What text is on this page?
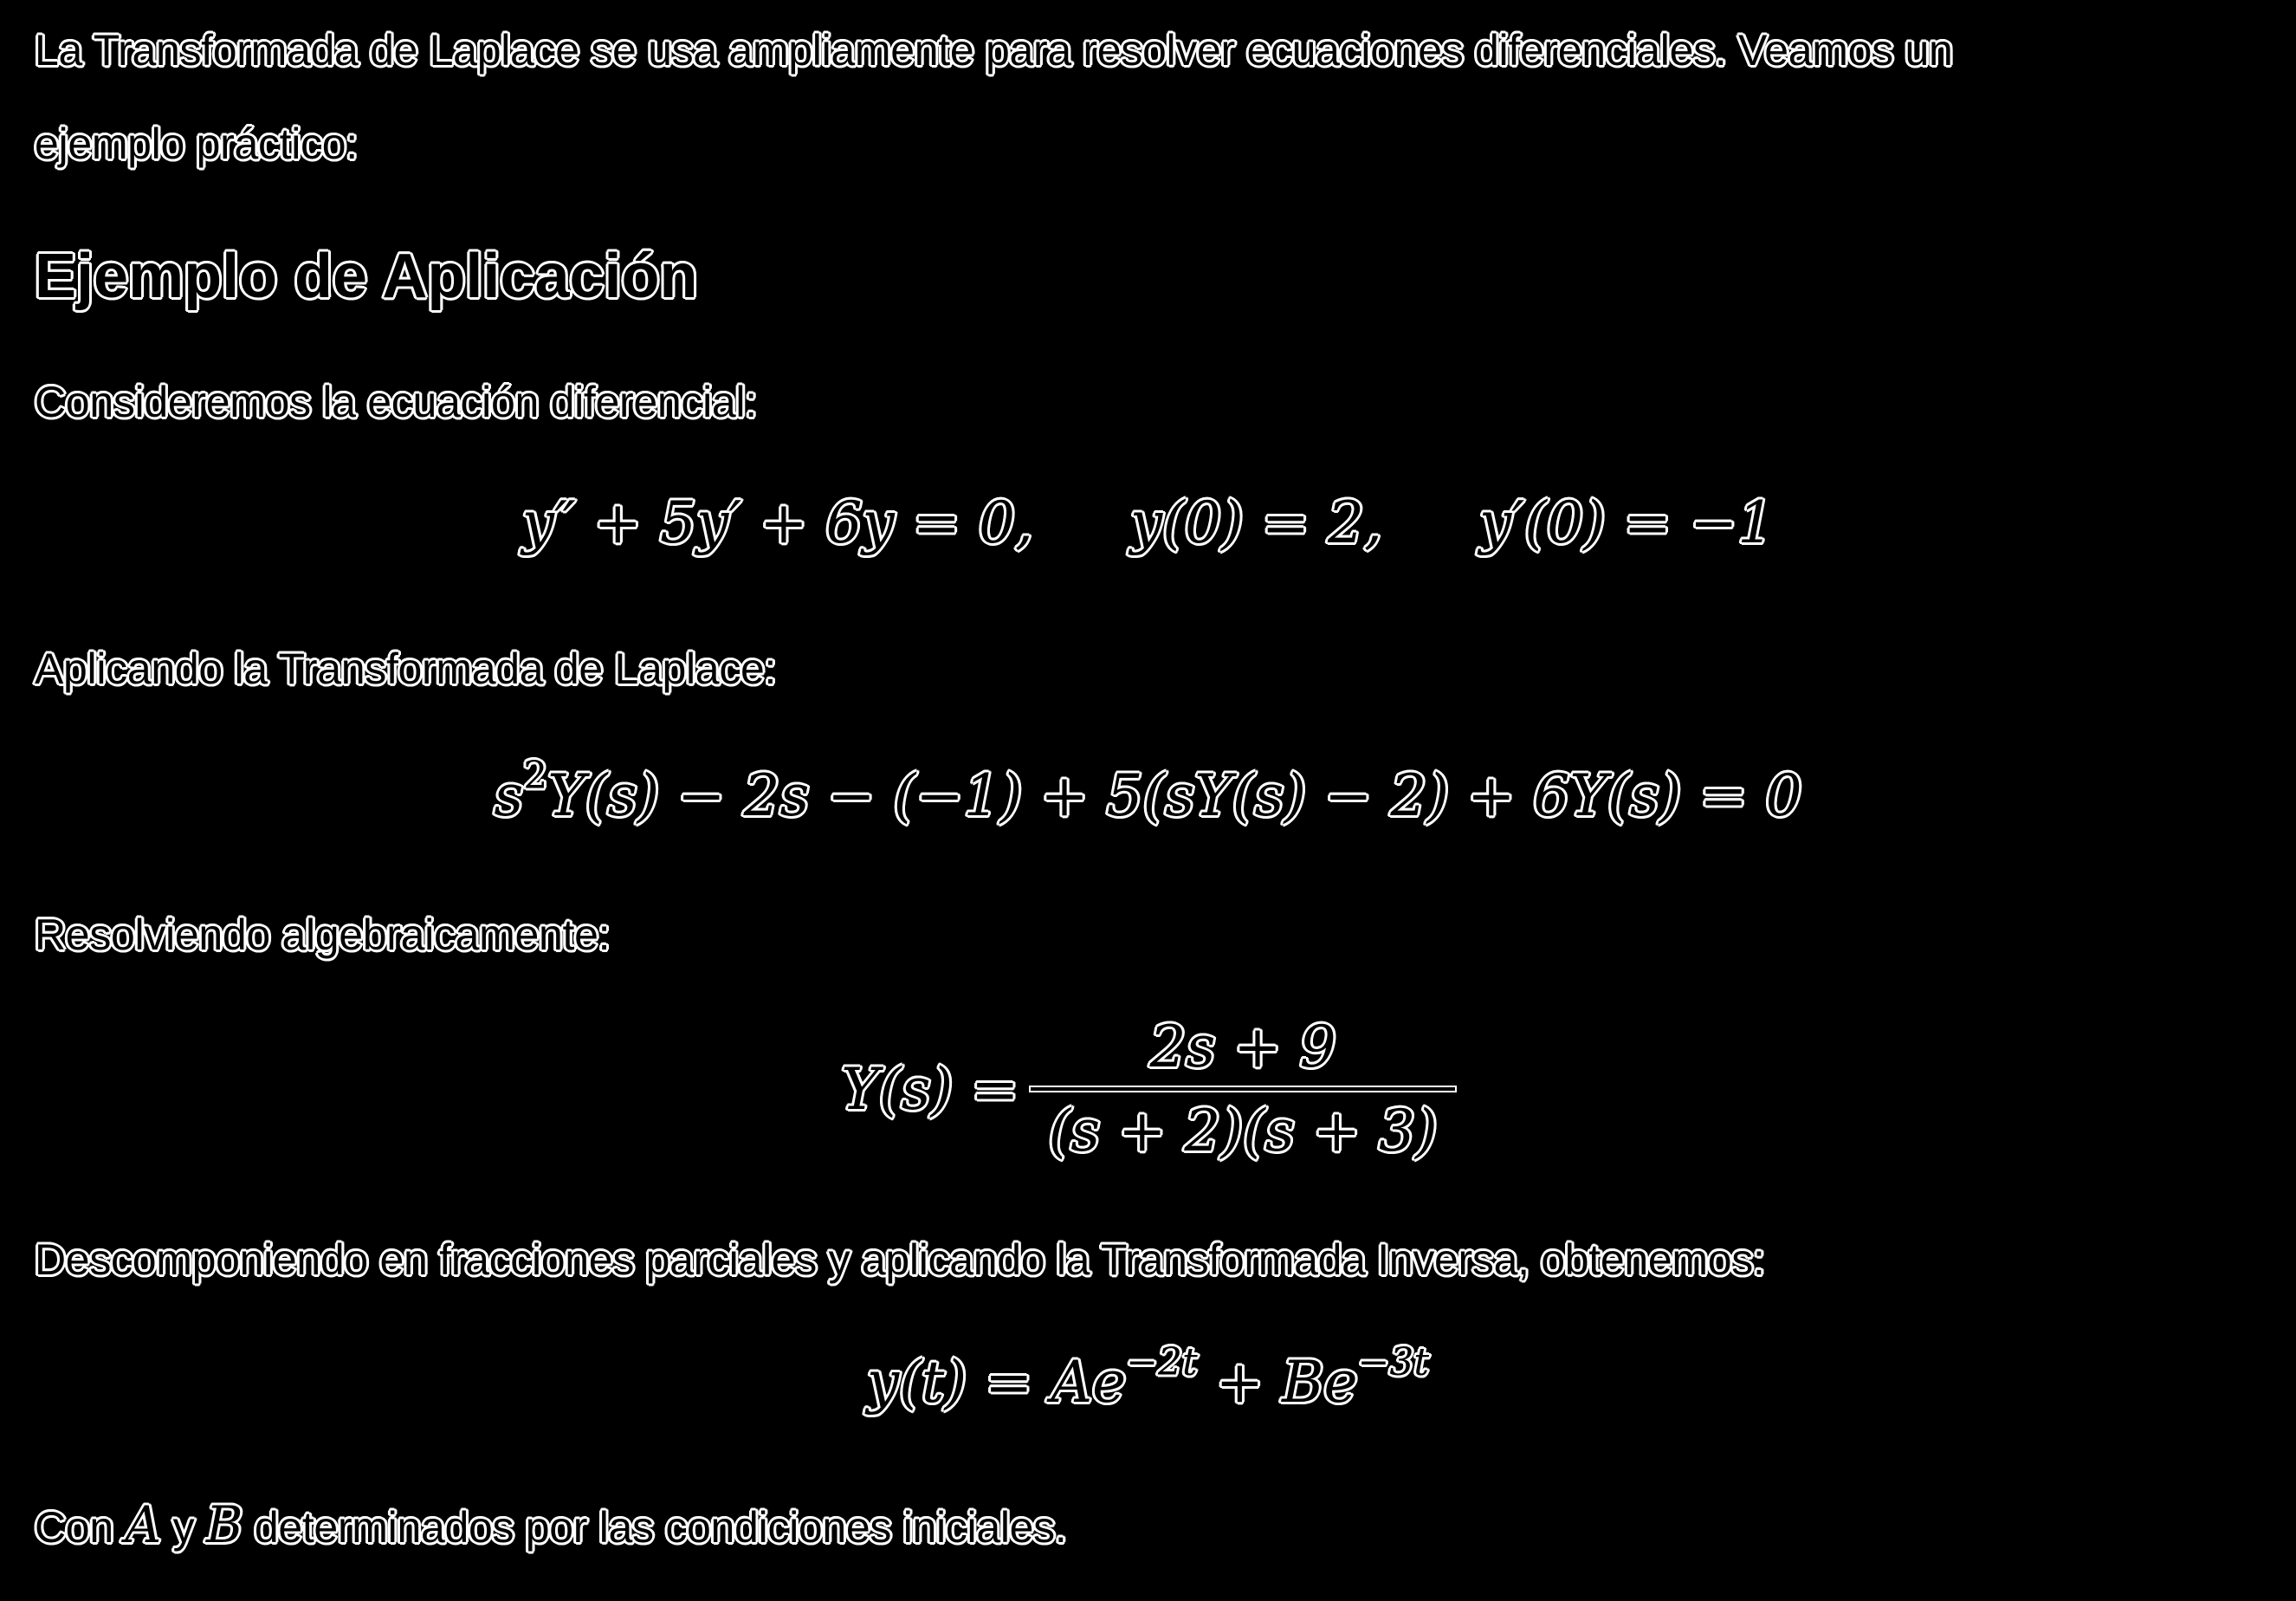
La Transformada de Laplace se usa ampliamente para resolver ecuaciones diferenciales. Veamos un
ejemplo práctico:
Ejemplo de Aplicación
Consideremos la ecuación diferencial:
y″ + 5y′ + 6y = 0, y(0) = 2, y′(0) = −1
Aplicando la Transformada de Laplace:
$s^2Y(s) - 2s - (-1) + 5(sY(s) - 2) + 6Y(s) = 0$
Resolviendo algebraicamente:
$Y(s) = \frac{2s + 9}{(s + 2)(s + 3)}$
Descomponiendo en fracciones parciales y aplicando la Transformada Inversa, obtenemos:
$y(t) = Ae^{-2t} + Be^{-3t}$
Con A y B determinados por las condiciones iniciales.
